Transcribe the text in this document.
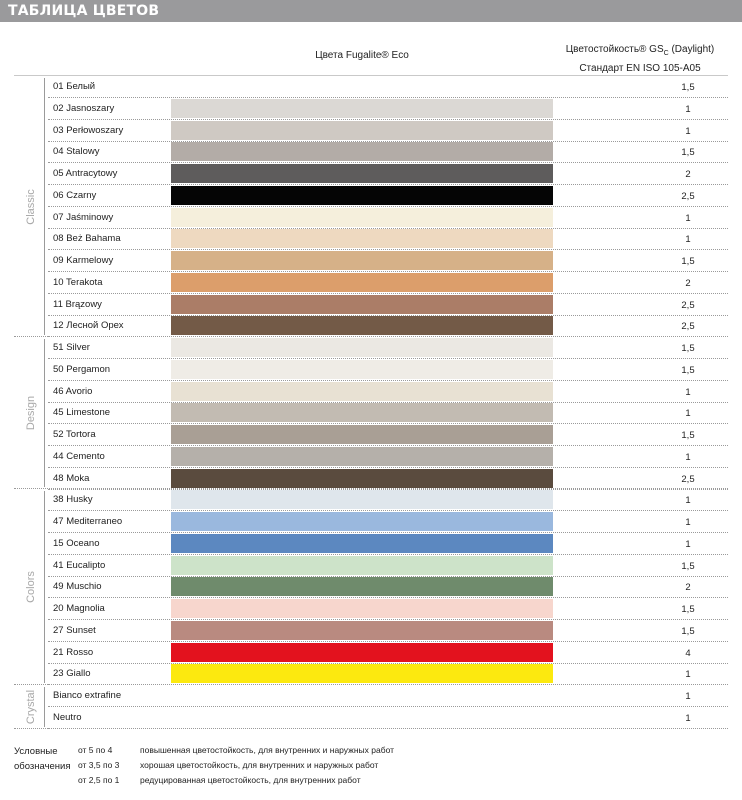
ТАБЛИЦА ЦВЕТОВ
Цвета Fugalite® Eco
Цветостойкость® $GS_C$ (Daylight)
Стандарт EN ISO 105-A05
01 Белый	1,5
02 Jasnoszary	1
03 Perłowoszary	1
04 Stalowy	1,5
05 Antracytowy	2
06 Czarny	2,5
07 Jaśminowy	1
08 Beż Bahama	1
09 Karmelowy	1,5
10 Terakota	2
11 Brązowy	2,5
12 Лесной Орех	2,5
Classic
51 Silver	1,5
50 Pergamon	1,5
46 Avorio	1
45 Limestone	1
52 Tortora	1,5
44 Cemento	1
48 Moka	2,5
Design
38 Husky	1
47 Mediterraneo	1
15 Oceano	1
41 Eucalipto	1,5
49 Muschio	2
20 Magnolia	1,5
27 Sunset	1,5
21 Rosso	4
23 Giallo	1
Colors
Bianco extrafine	1
Neutro	1
Crystal
Условные
обозначения
от 5 по 4	повышенная цветостойкость, для внутренних и наружных работ
от 3,5 по 3 хорошая цветостойкость, для внутренних и наружных работ
от 2,5 по 1 редуцированная цветостойкость, для внутренних работ
